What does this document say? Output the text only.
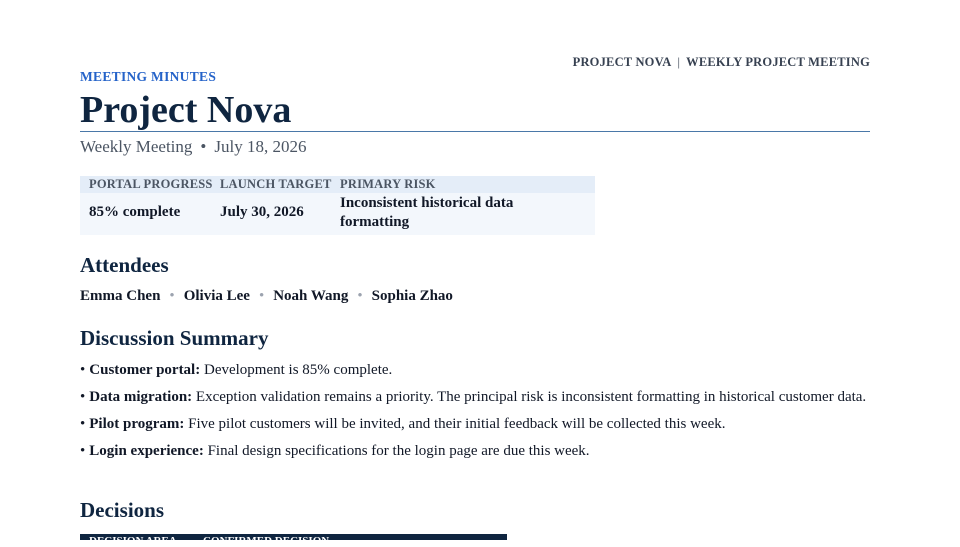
PROJECT NOVA | WEEKLY PROJECT MEETING
MEETING MINUTES
Project Nova
Weekly Meeting • July 18, 2026
PORTAL PROGRESS
85% complete
LAUNCH TARGET
July 30, 2026
PRIMARY RISK
Inconsistent historical data formatting
Attendees
Emma Chen • Olivia Lee • Noah Wang • Sophia Zhao
Discussion Summary
• Customer portal: Development is 85% complete.
• Data migration: Exception validation remains a priority. The principal risk is inconsistent formatting in historical customer data.
• Pilot program: Five pilot customers will be invited, and their initial feedback will be collected this week.
• Login experience: Final design specifications for the login page are due this week.
Decisions
DECISION AREA CONFIRMED DECISION
